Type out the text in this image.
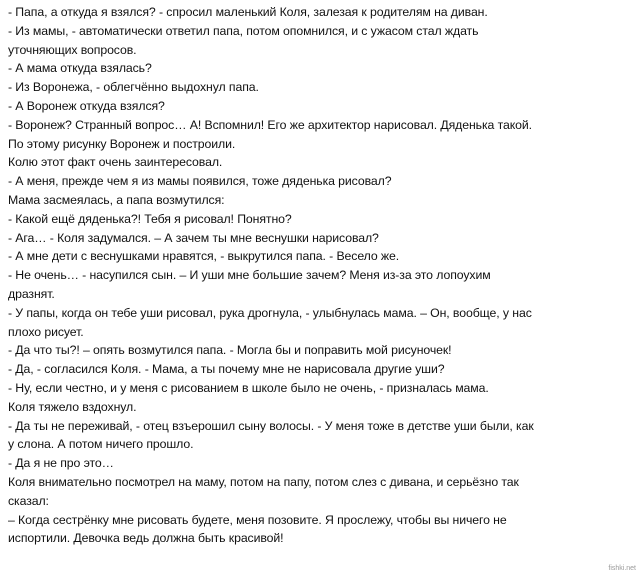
- Папа, а откуда я взялся? - спросил маленький Коля, залезая к родителям на диван.
- Из мамы, - автоматически ответил папа, потом опомнился, и с ужасом стал ждать
уточняющих вопросов.
- А мама откуда взялась?
- Из Воронежа, - облегчённо выдохнул папа.
- А Воронеж откуда взялся?
- Воронеж? Странный вопрос… А! Вспомнил! Его же архитектор нарисовал. Дяденька такой.
По этому рисунку Воронеж и построили.
Колю этот факт очень заинтересовал.
- А меня, прежде чем я из мамы появился, тоже дяденька рисовал?
Мама засмеялась, а папа возмутился:
- Какой ещё дяденька?! Тебя я рисовал! Понятно?
- Ага… - Коля задумался. – А зачем ты мне веснушки нарисовал?
- А мне дети с веснушками нравятся, - выкрутился папа. - Весело же.
- Не очень… - насупился сын. – И уши мне большие зачем? Меня из-за это лопоухим
дразнят.
- У папы, когда он тебе уши рисовал, рука дрогнула, - улыбнулась мама. – Он, вообще, у нас
плохо рисует.
- Да что ты?! – опять возмутился папа. - Могла бы и поправить мой рисуночек!
- Да, - согласился Коля. - Мама, а ты почему мне не нарисовала другие уши?
- Ну, если честно, и у меня с рисованием в школе было не очень, - призналась мама.
Коля тяжело вздохнул.
- Да ты не переживай, - отец взъерошил сыну волосы. - У меня тоже в детстве уши были, как
у слона. А потом ничего прошло.
- Да я не про это…
Коля внимательно посмотрел на маму, потом на папу, потом слез с дивана, и серьёзно так
сказал:
– Когда сестрёнку мне рисовать будете, меня позовите. Я прослежу, чтобы вы ничего не
испортили. Девочка ведь должна быть красивой!
fishki.net
